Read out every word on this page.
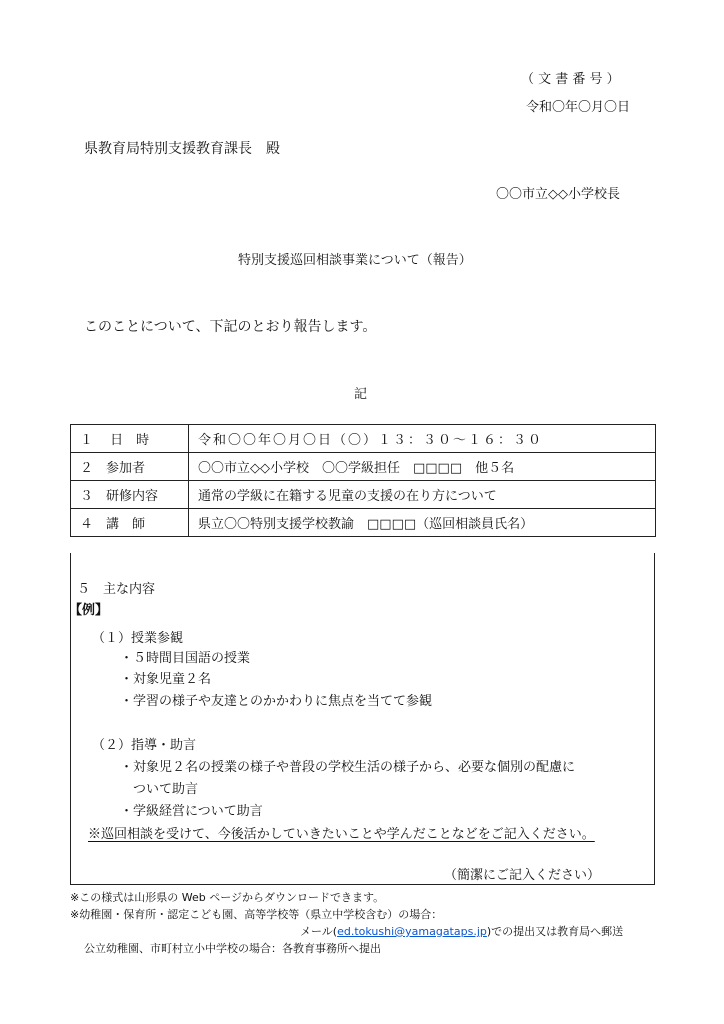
（ 文 書 番 号 ）
令和〇年〇月〇日
県教育局特別支援教育課長　殿
〇〇市立◇◇小学校長
特別支援巡回相談事業について（報告）
このことについて、下記のとおり報告します。
記
１　 日　時	令和〇〇年〇月〇日（〇）１３：３０～１６：３０
２　参加者	〇〇市立◇◇小学校　〇〇学級担任　□□□□　他５名
３　研修内容	通常の学級に在籍する児童の支援の在り方について
４　講　師	県立〇〇特別支援学校教諭　□□□□（巡回相談員氏名）
５　主な内容
【例】
（１）授業参観
・５時間目国語の授業
・対象児童２名
・学習の様子や友達とのかかわりに焦点を当てて参観
（２）指導・助言
・対象児２名の授業の様子や普段の学校生活の様子から、必要な個別の配慮に
ついて助言
・学級経営について助言
※巡回相談を受けて、今後活かしていきたいことや学んだことなどをご記入ください。
（簡潔にご記入ください）
※この様式は山形県の Web ページからダウンロードできます。
※幼稚園・保育所・認定こども園、高等学校等（県立中学校含む）の場合：
メール(ed.tokushi@yamagataps.jp)での提出又は教育局へ郵送
公立幼稚園、市町村立小中学校の場合：各教育事務所へ提出
